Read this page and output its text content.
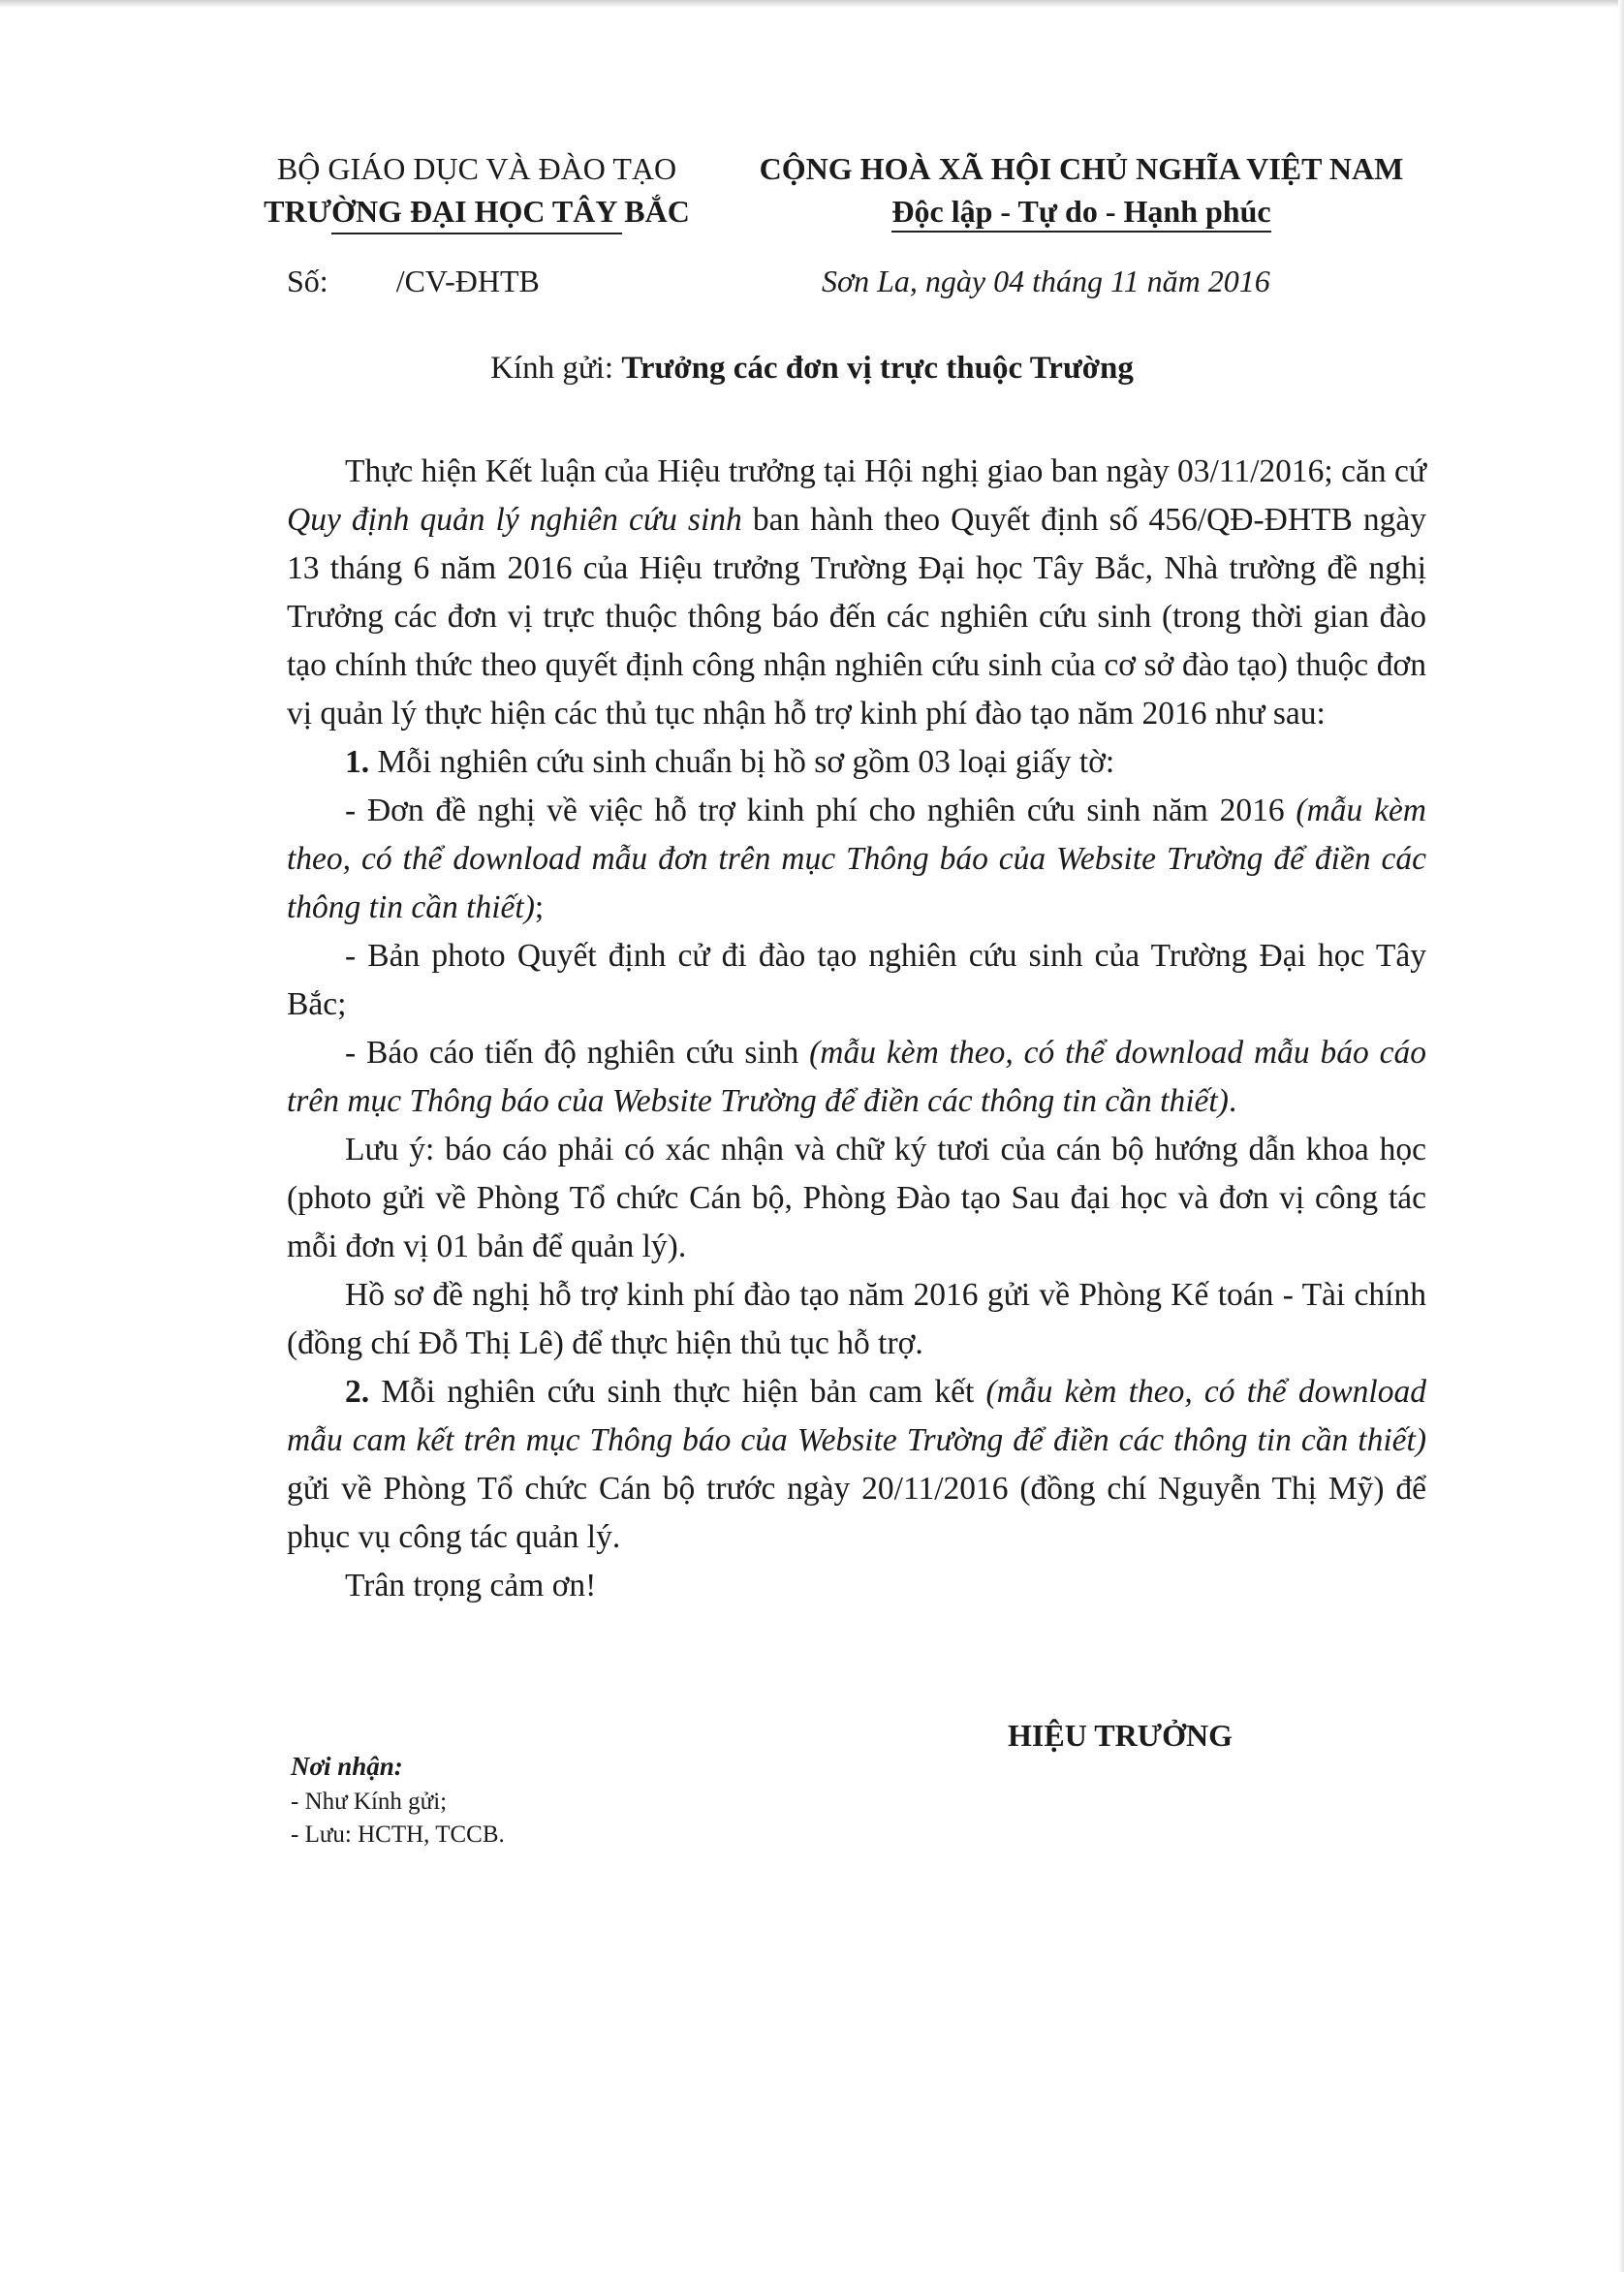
BỘ GIÁO DỤC VÀ ĐÀO TẠO
TRƯỜNG ĐẠI HỌC TÂY BẮC
CỘNG HOÀ XÃ HỘI CHỦ NGHĨA VIỆT NAM
Độc lập - Tự do - Hạnh phúc
Số: /CV-ĐHTB	Sơn La, ngày 04 tháng 11 năm 2016
Kính gửi: Trưởng các đơn vị trực thuộc Trường

Thực hiện Kết luận của Hiệu trưởng tại Hội nghị giao ban ngày 03/11/2016; căn cứ Quy định quản lý nghiên cứu sinh ban hành theo Quyết định số 456/QĐ-ĐHTB ngày 13 tháng 6 năm 2016 của Hiệu trưởng Trường Đại học Tây Bắc, Nhà trường đề nghị Trưởng các đơn vị trực thuộc thông báo đến các nghiên cứu sinh (trong thời gian đào tạo chính thức theo quyết định công nhận nghiên cứu sinh của cơ sở đào tạo) thuộc đơn vị quản lý thực hiện các thủ tục nhận hỗ trợ kinh phí đào tạo năm 2016 như sau:

1. Mỗi nghiên cứu sinh chuẩn bị hồ sơ gồm 03 loại giấy tờ:

- Đơn đề nghị về việc hỗ trợ kinh phí cho nghiên cứu sinh năm 2016 (mẫu kèm theo, có thể download mẫu đơn trên mục Thông báo của Website Trường để điền các thông tin cần thiết);

- Bản photo Quyết định cử đi đào tạo nghiên cứu sinh của Trường Đại học Tây Bắc;

- Báo cáo tiến độ nghiên cứu sinh (mẫu kèm theo, có thể download mẫu báo cáo trên mục Thông báo của Website Trường để điền các thông tin cần thiết).

Lưu ý: báo cáo phải có xác nhận và chữ ký tươi của cán bộ hướng dẫn khoa học (photo gửi về Phòng Tổ chức Cán bộ, Phòng Đào tạo Sau đại học và đơn vị công tác mỗi đơn vị 01 bản để quản lý).

Hồ sơ đề nghị hỗ trợ kinh phí đào tạo năm 2016 gửi về Phòng Kế toán - Tài chính (đồng chí Đỗ Thị Lê) để thực hiện thủ tục hỗ trợ.

2. Mỗi nghiên cứu sinh thực hiện bản cam kết (mẫu kèm theo, có thể download mẫu cam kết trên mục Thông báo của Website Trường để điền các thông tin cần thiết) gửi về Phòng Tổ chức Cán bộ trước ngày 20/11/2016 (đồng chí Nguyễn Thị Mỹ) để phục vụ công tác quản lý.

Trân trọng cảm ơn!

HIỆU TRƯỞNG
Nơi nhận:
- Như Kính gửi;
- Lưu: HCTH, TCCB.
